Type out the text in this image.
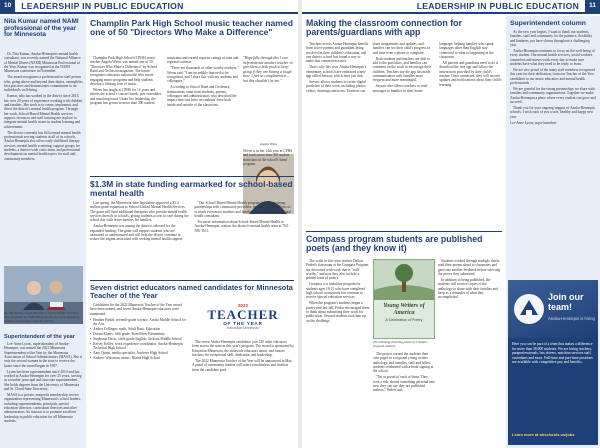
10	LEADERSHIP IN PUBLIC EDUCATION
Nita Kumar named NAMI professional of the year for Minnesota

Dr. Nita Kumar, Anoka-Hennepin's mental health consultant, was recently named the National Alliance of Mental Illness (NAMI) Minnesota Professional of the Year. Kumar was recognized at the NAMI Minnesota conference in November.

The award recognizes a professional or staff person who, going above and beyond their duties, exemplifies best practices and demonstrates commitment to an individual's well-being.

Kumar, who has worked in the district since 2015, has over 20 years of experience working with children and families. Her work is to create, implement, and direct the district's mental health program. Through her work, School-Based Mental Health services support, resources and staff training are in place to integrate mental health issues in student learning and achievement.

The district currently has 64 licensed mental health professionals serving students at all of its schools. Anoka-Hennepin also offers early childhood therapy services, mental health screening, support groups for students, a district-wide crisis team, and professional development on mental health topics for staff and community members.

Dr. Nita Kumar, Anoka-Hennepin's mental health consultant, was recognized by NAMI Minnesota for her work supporting students and families across the district.
Superintendent of the year

Lee-Anne Lyons, superintendent of Anoka-Hennepin, was named the 2021 Minnesota Superintendent of the Year by the Minnesota Association of School Administrators (MASA). She is only the second woman in the state to receive the honor since the award began in 1987.

Lyons has been superintendent since 2019 and has worked in Anoka-Hennepin for over 25 years, serving as a teacher, principal and associate superintendent. She holds degrees from the University of Minnesota and St. Cloud State University.

MASA is a private, nonprofit membership service organization representing Minnesota's school leaders, including superintendents, principals, special education directors, curriculum directors and other administrators. Its mission is to promote excellent leadership in public education for all Minnesota students.

Champlin Park High School music teacher named one of 50 "Directors Who Make a Difference"

Champlin Park High School (CPHS) music teacher Angela Wiens was named one of 50 "Directors Who Make a Difference" by School Band and Orchestra magazine. The honor recognizes educators nationwide who create engaging music programs and help students develop a lifelong love of music.

Wiens has taught at CPHS for 14 years and directs the school's concert bands, jazz ensembles and marching band. Under her leadership, the program has grown to more than 300 student musicians and earned superior ratings at state and regional contests.

"There are thousands of other worthy teachers," Wiens said. "I am incredibly honored to be recognized, and I share this with my students and colleagues."

According to School Band and Orchestra, nominations came from students, parents, colleagues and administrators who described the impact directors have on students' lives both inside and outside of the classroom.

"Hopefully through this I can help motivate another teacher or give them a little push to keep going if they are having a tough time. I feel so complimented — but this shouldn't be me."
Angela Wiens
Wiens is in her 14th year at CPHS and leads more than 300 student musicians in the school's band program.
$1.3M in state funding earmarked for school-based mental health

Last spring, the Minnesota state legislature approved a $1.3 million grant expansion to School-Linked Mental Health Services. The grant will fund additional therapists who provide mental health services directly in schools, giving students access to care during the school day with fewer barriers for families.

Anoka-Hennepin was among the districts selected for the expanded funding. The grant will support students who are uninsured or underinsured and will help the district continue to reduce the stigma associated with seeking mental health support.

"Our School-Based Mental Health program is built on strong partnerships with community providers, and this funding allows us to reach even more students and families," said the district's mental health consultant.

For more information about School-Based Mental Health in Anoka-Hennepin, contact the district's mental health team at 763-506-1161.

Seven district educators named candidates for Minnesota Teacher of the Year

Candidates for the 2022 Minnesota Teacher of the Year award have been named, and seven Anoka-Hennepin educators were nominated:

• Heather Birkel, seventh-grade science, Anoka Middle School for the Arts
• Amber Cellinger, math, Adult Basic Education
• Dustin Klaers, fifth grade, Rum River Elementary
• Stephanie Davis, sixth-grade English, Jackson Middle School
• Kelsey Kelley, work experience coordinator, Anoka-Hennepin Technical High School
• Amy Quinn, media specialist, Andover High School
• Andrew Wikstrom, music, Blaine High School
2022
TEACHER
OF THE YEAR
Education Minnesota

The seven Anoka-Hennepin candidates join 120 other educators from across the state in this year's program. The award is sponsored by Education Minnesota, the statewide educators union, and honors teachers for exceptional skill, dedication and leadership.

The 2022 Minnesota Teacher of the Year will be announced in May. A panel of community leaders will select semifinalists and finalists from the candidate pool.

LEADERSHIP IN PUBLIC EDUCATION	11
Making the classroom connection for parents/guardians with app

Teachers across Anoka-Hennepin benefit from active parents and guardians being involved in their children's education, and one district school has found a way to make that connection easier.

That's why this year, Anoka-Hennepin's elementary schools have embraced a new app called Seesaw, which does just that.

Seesaw allows students to create digital portfolios of their work, including photos, videos, drawings and notes. Teachers can share assignments and updates, and families can see their child's progress in real time from a phone or computer.

Both students and teachers are able to add to the portfolios, and families can comment on the work to encourage their children. Teachers say the app has made communication with families more frequent and more meaningful.

Seesaw also allows teachers to send messages to families in their home language, helping families who speak languages other than English stay connected to what is happening in the classroom.

All parents and guardians need to do is download the free app and follow the instructions provided by their child's teacher. Once connected, they will receive updates and notifications about their child's learning.

Compass program students are published poets (and they know it)

The walls in first-year teacher Dalton Peden's classroom at the Compass Program are decorated with work that is "wall worthy," and now they also include a printed book of poetry.

Compass is a transition program for students ages 18-21 who have completed high school coursework but continue to receive special education services.

When the program's students began a poetry unit last fall, Peden encouraged them to think about submitting their work for publication. Several students took him up on the challenge.

Young Writers of America
A Celebration of Poetry
The anthology featuring poems by Compass Program students.

The project earned the students their own pages in a regional young writers anthology, and families, staff and fellow students celebrated with a book signing at the school.

"I'm so proud of each of them. They took a risk, shared something personal and now they can say they are published authors," Peden said.

Students worked through multiple drafts, read their poems aloud to classmates and gave one another feedback before selecting the pieces they submitted.

In addition to being published, the students will receive copies of the anthology to share with their families and keep as a reminder of what they accomplished.

Superintendent column

As the new year begins, I want to thank our students, families, staff and community for the patience, flexibility and kindness you have shown throughout a challenging year.

Anoka-Hennepin continues to focus on the well-being of every student. Our mental health services, social workers, counselors and nurses work every day to make sure students have what they need to be ready to learn.

We are also proud of the many staff members recognized this year for their dedication, from our Teacher of the Year candidates to our music educators and mental health professionals.

We are grateful for the strong partnerships we share with families and community organizations. Together we make Anoka-Hennepin a place where every student can grow and succeed.

Thank you for your ongoing support of Anoka-Hennepin schools. I wish each of you a safe, healthy and happy new year.

Lee-Anne Lyons, superintendent

Join our team!
Anoka-Hennepin is hiring
Here you can be part of a team that makes a difference for more than 38,000 students. We are hiring teachers, paraprofessionals, bus drivers, nutrition services staff, custodians and more. Full-time and part-time positions are available with competitive pay and benefits.
Learn more at ahschools.us/jobs
